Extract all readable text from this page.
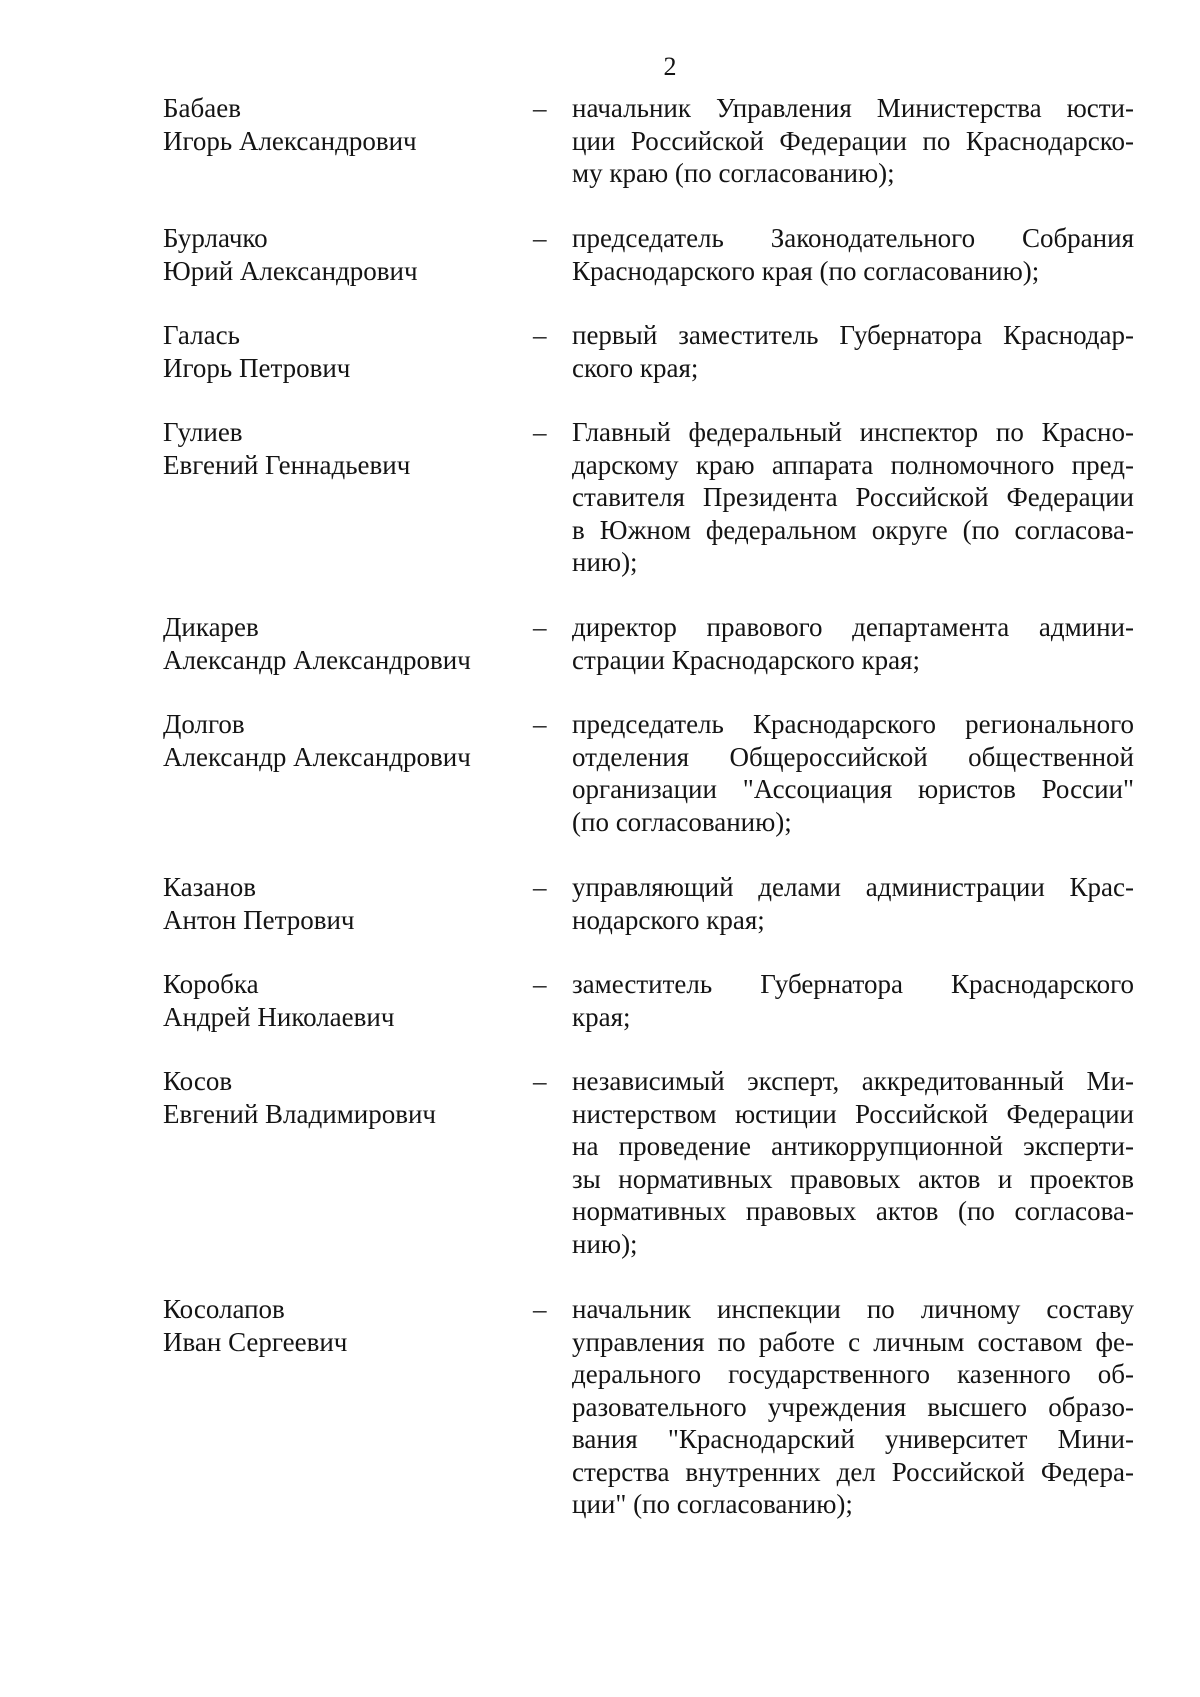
2
Бабаев
Игорь Александрович
– начальник Управления Министерства юсти-
ции Российской Федерации по Краснодарско-
му краю (по согласованию);
Бурлачко
Юрий Александрович
– председатель Законодательного Собрания
Краснодарского края (по согласованию);
Галась
Игорь Петрович
– первый заместитель Губернатора Краснодар-
ского края;
Гулиев
Евгений Геннадьевич
– Главный федеральный инспектор по Красно-
дарскому краю аппарата полномочного пред-
ставителя Президента Российской Федерации
в Южном федеральном округе (по согласова-
нию);
Дикарев
Александр Александрович
– директор правового департамента админи-
страции Краснодарского края;
Долгов
Александр Александрович
– председатель Краснодарского регионального
отделения Общероссийской общественной
организации "Ассоциация юристов России"
(по согласованию);
Казанов
Антон Петрович
– управляющий делами администрации Крас-
нодарского края;
Коробка
Андрей Николаевич
– заместитель Губернатора Краснодарского
края;
Косов
Евгений Владимирович
– независимый эксперт, аккредитованный Ми-
нистерством юстиции Российской Федерации
на проведение антикоррупционной эксперти-
зы нормативных правовых актов и проектов
нормативных правовых актов (по согласова-
нию);
Косолапов
Иван Сергеевич
– начальник инспекции по личному составу
управления по работе с личным составом фе-
дерального государственного казенного об-
разовательного учреждения высшего образо-
вания "Краснодарский университет Мини-
стерства внутренних дел Российской Федера-
ции" (по согласованию);
